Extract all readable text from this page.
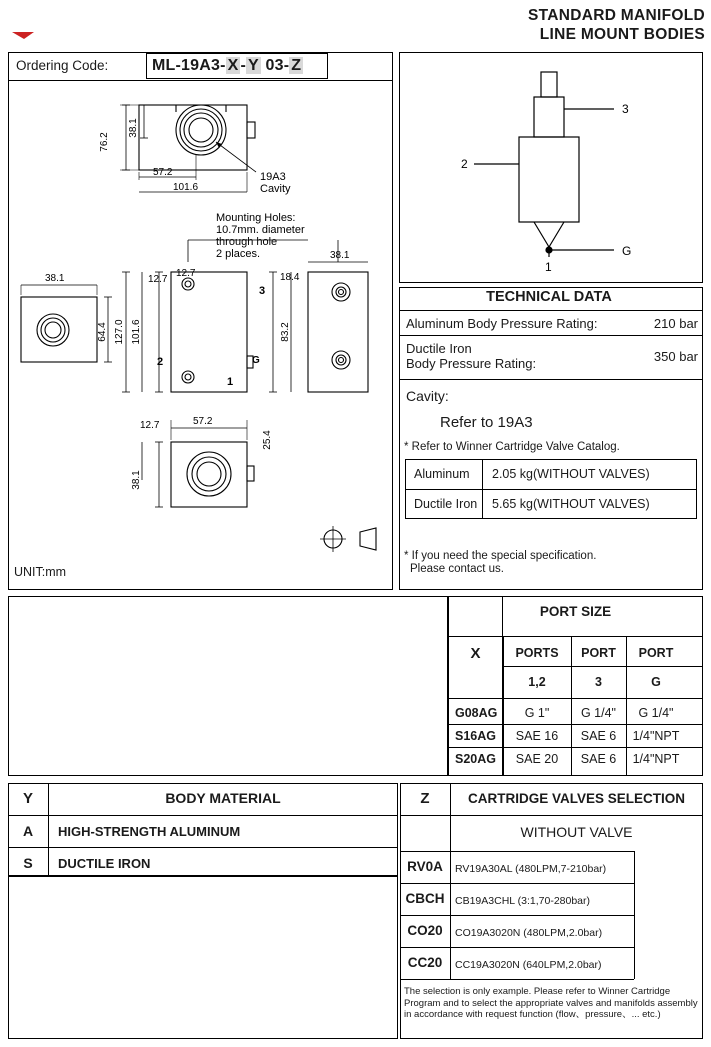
STANDARD MANIFOLD
LINE MOUNT BODIES
Ordering Code:	ML-19A3- X - Y 03- Z
76.2
38.1
57.2
101.6
19A3
Cavity
Mounting Holes:
10.7mm. diameter
through hole
2 places.
38.1	12.7
12.7	18.4
38.1
64.4 101.6
127.0	83.2
25.4
12.7
38.1
57.2
3
2
1
G
UNIT:mm
3
2
G
1
TECHNICAL DATA
Aluminum Body Pressure Rating:	210 bar
Ductile Iron
Body Pressure Rating:	350 bar
Cavity:
Refer to 19A3
* Refer to Winner Cartridge Valve Catalog.
Aluminum 2.05 kg(WITHOUT VALVES)
Ductile Iron 5.65 kg(WITHOUT VALVES)
* If you need the special specification.
Please contact us.
PORT SIZE
X	PORTS	PORT	PORT
1,2	3	G
G08AG	G 1"	G 1/4"	G 1/4"
S16AG	SAE 16	SAE 6	1/4"NPT
S20AG	SAE 20	SAE 6	1/4"NPT
Y	BODY MATERIAL
A	HIGH-STRENGTH ALUMINUM
S	DUCTILE IRON
Z	CARTRIDGE VALVES SELECTION
WITHOUT VALVE
RV0A	RV19A30AL (480LPM,7-210bar)
CBCH	CB19A3CHL (3:1,70-280bar)
CO20	CO19A3020N (480LPM,2.0bar)
CC20	CC19A3020N (640LPM,2.0bar)
The selection is only example. Please refer to Winner Cartridge Program and to select the appropriate valves and manifolds assembly in accordance with request function (flow、pressure、... etc.)
